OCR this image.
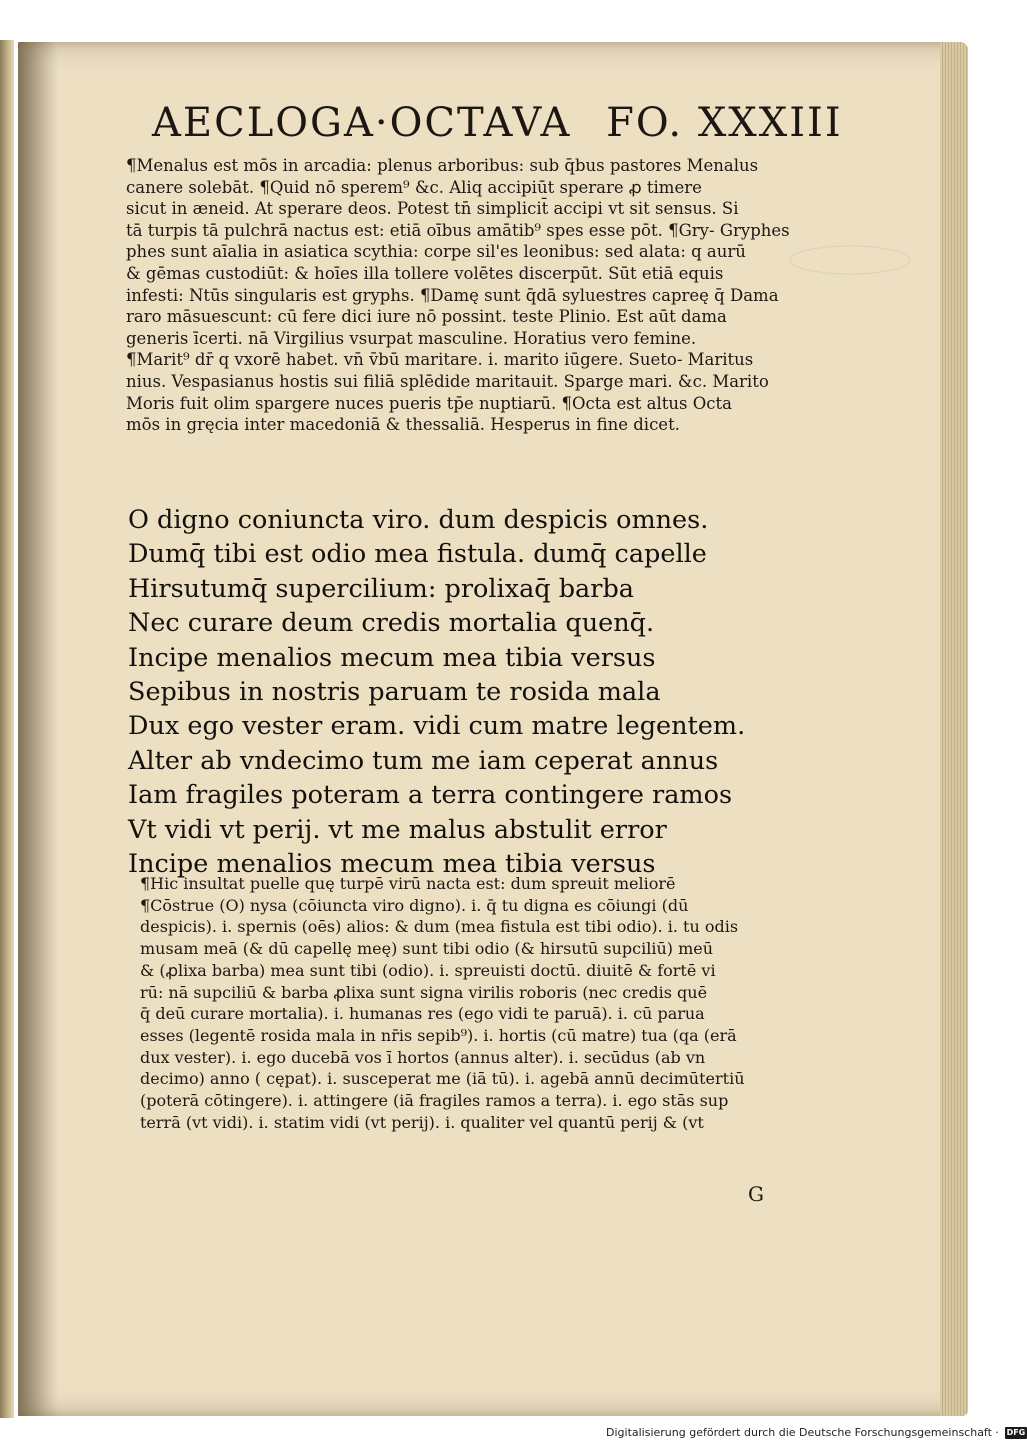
AECLOGA·OCTAVA FO. XXXIII
¶Menalus est mōs in arcadia: plenus arboribus: sub q̄bus pastores Menalus
canere solebāt. ¶Quid nō sperem⁹ &c. Aliq accipiūt sperare ꝓ timere
sicut in æneid. At sperare deos. Potest tn̄ simplicit̄ accipi vt sit sensus. Si
tā turpis tā pulchrā nactus est: etiā oībus amātib⁹ spes esse pōt. ¶Gry- Gryphes
phes sunt aīalia in asiatica scythia: corpe sil'es leonibus: sed alata: q aurū
& gēmas custodiūt: & hoīes illa tollere volētes discerpūt. Sūt etiā equis
infesti: Ntūs singularis est gryphs. ¶Damę sunt q̄dā syluestres capreę q̄ Dama
raro māsuescunt: cū fere dici iure nō possint. teste Plinio. Est aūt dama
generis īcerti. nā Virgilius vsurpat masculine. Horatius vero femine.
¶Marit⁹ dr̄ q vxorē habet. vn̄ v̄bū maritare. i. marito iūgere. Sueto- Maritus
nius. Vespasianus hostis sui filiā splēdide maritauit. Sparge mari. &c. Marito
Moris fuit olim spargere nuces pueris tp̄e nuptiarū. ¶Octa est altus Octa
mōs in gręcia inter macedoniā & thessaliā. Hesperus in fine dicet.
O digno coniuncta viro. dum despicis omnes.
Dumq̄ tibi est odio mea fistula. dumq̄ capelle
Hirsutumq̄ supercilium: prolixaq̄ barba
Nec curare deum credis mortalia quenq̄.
Incipe menalios mecum mea tibia versus
Sepibus in nostris paruam te rosida mala
Dux ego vester eram. vidi cum matre legentem.
Alter ab vndecimo tum me iam ceperat annus
Iam fragiles poteram a terra contingere ramos
Vt vidi vt perij. vt me malus abstulit error
Incipe menalios mecum mea tibia versus
¶Hic insultat puelle quę turpē virū nacta est: dum spreuit meliorē
¶Cōstrue (O) nysa (cōiuncta viro digno). i. q̄ tu digna es cōiungi (dū
despicis). i. spernis (oēs) alios: & dum (mea fistula est tibi odio). i. tu odis
musam meā (& dū capellę meę) sunt tibi odio (& hirsutū supciliū) meū
& (ꝓlixa barba) mea sunt tibi (odio). i. spreuisti doctū. diuitē & fortē vi
rū: nā supciliū & barba ꝓlixa sunt signa virilis roboris (nec credis quē
q̄ deū curare mortalia). i. humanas res (ego vidi te paruā). i. cū parua
esses (legentē rosida mala in nr̄is sepib⁹). i. hortis (cū matre) tua (qa (erā
dux vester). i. ego ducebā vos ī hortos (annus alter). i. secūdus (ab vn
decimo) anno ( cępat). i. susceperat me (iā tū). i. agebā annū decimūtertiū
(poterā cōtingere). i. attingere (iā fragiles ramos a terra). i. ego stās sup
terrā (vt vidi). i. statim vidi (vt perij). i. qualiter vel quantū perij & (vt
G
Digitalisierung gefördert durch die Deutsche Forschungsgemeinschaft · DFG
